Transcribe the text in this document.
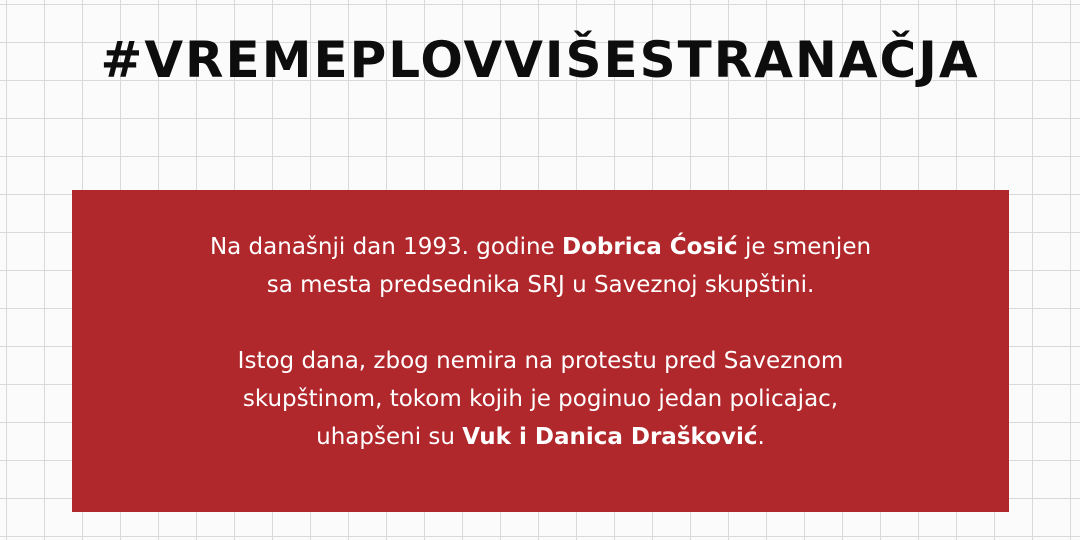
#VREMEPLOVVIŠESTRANAČJA

Na današnji dan 1993. godine Dobrica Ćosić je smenjen
sa mesta predsednika SRJ u Saveznoj skupštini.

Istog dana, zbog nemira na protestu pred Saveznom
skupštinom, tokom kojih je poginuo jedan policajac,
uhapšeni su Vuk i Danica Drašković.
